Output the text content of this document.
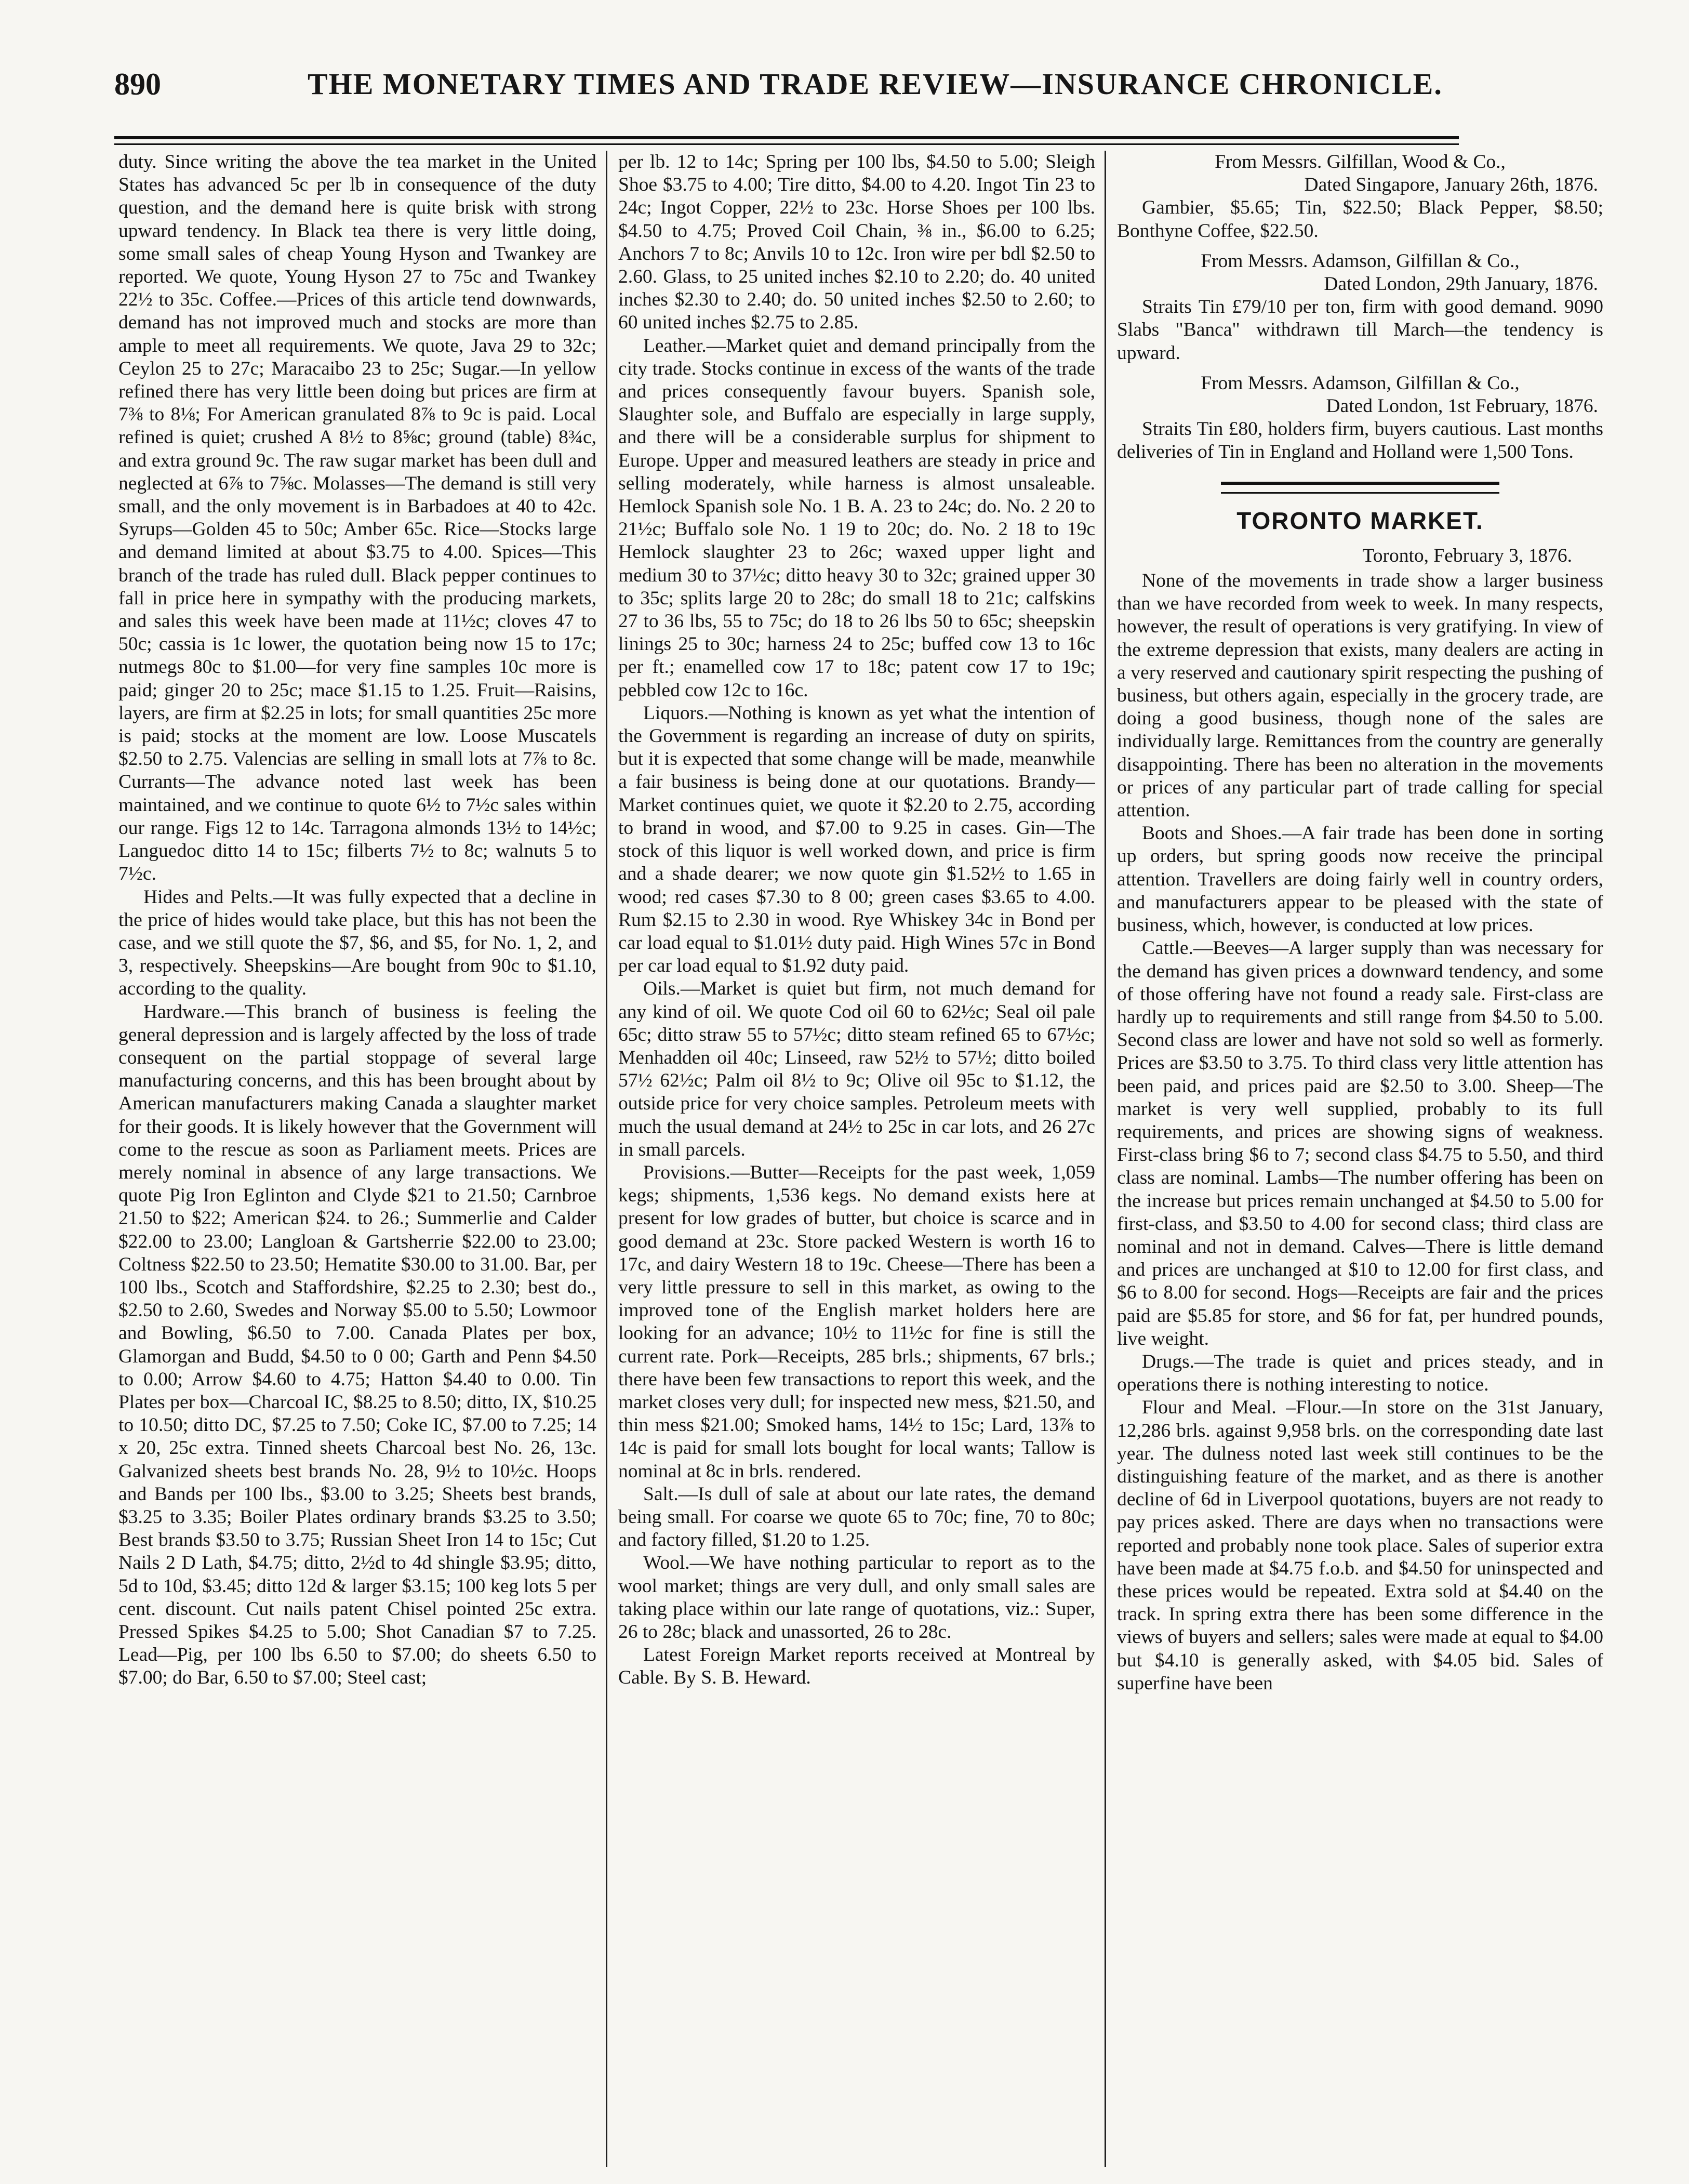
890	THE MONETARY TIMES AND TRADE REVIEW—INSURANCE CHRONICLE.

duty. Since writing the above the tea market in the United States has advanced 5c per lb in consequence of the duty question, and the demand here is quite brisk with strong upward tendency. In Black tea there is very little doing, some small sales of cheap Young Hyson and Twankey are reported. We quote, Young Hyson 27 to 75c and Twankey 22½ to 35c. Coffee.—Prices of this article tend downwards, demand has not improved much and stocks are more than ample to meet all requirements. We quote, Java 29 to 32c; Ceylon 25 to 27c; Maracaibo 23 to 25c; Sugar.—In yellow refined there has very little been doing but prices are firm at 7⅜ to 8⅛; For American granulated 8⅞ to 9c is paid. Local refined is quiet; crushed A 8½ to 8⅝c; ground (table) 8¾c, and extra ground 9c. The raw sugar market has been dull and neglected at 6⅞ to 7⅝c. Molasses—The demand is still very small, and the only movement is in Barbadoes at 40 to 42c. Syrups—Golden 45 to 50c; Amber 65c. Rice—Stocks large and demand limited at about $3.75 to 4.00. Spices—This branch of the trade has ruled dull. Black pepper continues to fall in price here in sympathy with the producing markets, and sales this week have been made at 11½c; cloves 47 to 50c; cassia is 1c lower, the quotation being now 15 to 17c; nutmegs 80c to $1.00—for very fine samples 10c more is paid; ginger 20 to 25c; mace $1.15 to 1.25. Fruit—Raisins, layers, are firm at $2.25 in lots; for small quantities 25c more is paid; stocks at the moment are low. Loose Muscatels $2.50 to 2.75. Valencias are selling in small lots at 7⅞ to 8c. Currants—The advance noted last week has been maintained, and we continue to quote 6½ to 7½c sales within our range. Figs 12 to 14c. Tarragona almonds 13½ to 14½c; Languedoc ditto 14 to 15c; filberts 7½ to 8c; walnuts 5 to 7½c.

Hides and Pelts.—It was fully expected that a decline in the price of hides would take place, but this has not been the case, and we still quote the $7, $6, and $5, for No. 1, 2, and 3, respectively. Sheepskins—Are bought from 90c to $1.10, according to the quality.

Hardware.—This branch of business is feeling the general depression and is largely affected by the loss of trade consequent on the partial stoppage of several large manufacturing concerns, and this has been brought about by American manufacturers making Canada a slaughter market for their goods. It is likely however that the Government will come to the rescue as soon as Parliament meets. Prices are merely nominal in absence of any large transactions. We quote Pig Iron Eglinton and Clyde $21 to 21.50; Carnbroe 21.50 to $22; American $24. to 26.; Summerlie and Calder $22.00 to 23.00; Langloan & Gartsherrie $22.00 to 23.00; Coltness $22.50 to 23.50; Hematite $30.00 to 31.00. Bar, per 100 lbs., Scotch and Staffordshire, $2.25 to 2.30; best do., $2.50 to 2.60, Swedes and Norway $5.00 to 5.50; Lowmoor and Bowling, $6.50 to 7.00. Canada Plates per box, Glamorgan and Budd, $4.50 to 0 00; Garth and Penn $4.50 to 0.00; Arrow $4.60 to 4.75; Hatton $4.40 to 0.00. Tin Plates per box—Charcoal IC, $8.25 to 8.50; ditto, IX, $10.25 to 10.50; ditto DC, $7.25 to 7.50; Coke IC, $7.00 to 7.25; 14 x 20, 25c extra. Tinned sheets Charcoal best No. 26, 13c. Galvanized sheets best brands No. 28, 9½ to 10½c. Hoops and Bands per 100 lbs., $3.00 to 3.25; Sheets best brands, $3.25 to 3.35; Boiler Plates ordinary brands $3.25 to 3.50; Best brands $3.50 to 3.75; Russian Sheet Iron 14 to 15c; Cut Nails 2 D Lath, $4.75; ditto, 2½d to 4d shingle $3.95; ditto, 5d to 10d, $3.45; ditto 12d & larger $3.15; 100 keg lots 5 per cent. discount. Cut nails patent Chisel pointed 25c extra. Pressed Spikes $4.25 to 5.00; Shot Canadian $7 to 7.25. Lead—Pig, per 100 lbs 6.50 to $7.00; do sheets 6.50 to $7.00; do Bar, 6.50 to $7.00; Steel cast;

per lb. 12 to 14c; Spring per 100 lbs, $4.50 to 5.00; Sleigh Shoe $3.75 to 4.00; Tire ditto, $4.00 to 4.20. Ingot Tin 23 to 24c; Ingot Copper, 22½ to 23c. Horse Shoes per 100 lbs. $4.50 to 4.75; Proved Coil Chain, ⅜ in., $6.00 to 6.25; Anchors 7 to 8c; Anvils 10 to 12c. Iron wire per bdl $2.50 to 2.60. Glass, to 25 united inches $2.10 to 2.20; do. 40 united inches $2.30 to 2.40; do. 50 united inches $2.50 to 2.60; to 60 united inches $2.75 to 2.85.

Leather.—Market quiet and demand principally from the city trade. Stocks continue in excess of the wants of the trade and prices consequently favour buyers. Spanish sole, Slaughter sole, and Buffalo are especially in large supply, and there will be a considerable surplus for shipment to Europe. Upper and measured leathers are steady in price and selling moderately, while harness is almost unsaleable. Hemlock Spanish sole No. 1 B. A. 23 to 24c; do. No. 2 20 to 21½c; Buffalo sole No. 1 19 to 20c; do. No. 2 18 to 19c Hemlock slaughter 23 to 26c; waxed upper light and medium 30 to 37½c; ditto heavy 30 to 32c; grained upper 30 to 35c; splits large 20 to 28c; do small 18 to 21c; calfskins 27 to 36 lbs, 55 to 75c; do 18 to 26 lbs 50 to 65c; sheepskin linings 25 to 30c; harness 24 to 25c; buffed cow 13 to 16c per ft.; enamelled cow 17 to 18c; patent cow 17 to 19c; pebbled cow 12c to 16c.

Liquors.—Nothing is known as yet what the intention of the Government is regarding an increase of duty on spirits, but it is expected that some change will be made, meanwhile a fair business is being done at our quotations. Brandy—Market continues quiet, we quote it $2.20 to 2.75, according to brand in wood, and $7.00 to 9.25 in cases. Gin—The stock of this liquor is well worked down, and price is firm and a shade dearer; we now quote gin $1.52½ to 1.65 in wood; red cases $7.30 to 8 00; green cases $3.65 to 4.00. Rum $2.15 to 2.30 in wood. Rye Whiskey 34c in Bond per car load equal to $1.01½ duty paid. High Wines 57c in Bond per car load equal to $1.92 duty paid.

Oils.—Market is quiet but firm, not much demand for any kind of oil. We quote Cod oil 60 to 62½c; Seal oil pale 65c; ditto straw 55 to 57½c; ditto steam refined 65 to 67½c; Menhadden oil 40c; Linseed, raw 52½ to 57½; ditto boiled 57½ 62½c; Palm oil 8½ to 9c; Olive oil 95c to $1.12, the outside price for very choice samples. Petroleum meets with much the usual demand at 24½ to 25c in car lots, and 26 27c in small parcels.

Provisions.—Butter—Receipts for the past week, 1,059 kegs; shipments, 1,536 kegs. No demand exists here at present for low grades of butter, but choice is scarce and in good demand at 23c. Store packed Western is worth 16 to 17c, and dairy Western 18 to 19c. Cheese—There has been a very little pressure to sell in this market, as owing to the improved tone of the English market holders here are looking for an advance; 10½ to 11½c for fine is still the current rate. Pork—Receipts, 285 brls.; shipments, 67 brls.; there have been few transactions to report this week, and the market closes very dull; for inspected new mess, $21.50, and thin mess $21.00; Smoked hams, 14½ to 15c; Lard, 13⅞ to 14c is paid for small lots bought for local wants; Tallow is nominal at 8c in brls. rendered.

Salt.—Is dull of sale at about our late rates, the demand being small. For coarse we quote 65 to 70c; fine, 70 to 80c; and factory filled, $1.20 to 1.25.

Wool.—We have nothing particular to report as to the wool market; things are very dull, and only small sales are taking place within our late range of quotations, viz.: Super, 26 to 28c; black and unassorted, 26 to 28c.

Latest Foreign Market reports received at Montreal by Cable. By S. B. Heward.

From Messrs. Gilfillan, Wood & Co.,

Dated Singapore, January 26th, 1876.

Gambier, $5.65; Tin, $22.50; Black Pepper, $8.50; Bonthyne Coffee, $22.50.

From Messrs. Adamson, Gilfillan & Co.,

Dated London, 29th January, 1876.

Straits Tin £79/10 per ton, firm with good demand. 9090 Slabs "Banca" withdrawn till March—the tendency is upward.

From Messrs. Adamson, Gilfillan & Co.,

Dated London, 1st February, 1876.

Straits Tin £80, holders firm, buyers cautious. Last months deliveries of Tin in England and Holland were 1,500 Tons.

TORONTO MARKET.

Toronto, February 3, 1876.

None of the movements in trade show a larger business than we have recorded from week to week. In many respects, however, the result of operations is very gratifying. In view of the extreme depression that exists, many dealers are acting in a very reserved and cautionary spirit respecting the pushing of business, but others again, especially in the grocery trade, are doing a good business, though none of the sales are individually large. Remittances from the country are generally disappointing. There has been no alteration in the movements or prices of any particular part of trade calling for special attention.

Boots and Shoes.—A fair trade has been done in sorting up orders, but spring goods now receive the principal attention. Travellers are doing fairly well in country orders, and manufacturers appear to be pleased with the state of business, which, however, is conducted at low prices.

Cattle.—Beeves—A larger supply than was necessary for the demand has given prices a downward tendency, and some of those offering have not found a ready sale. First-class are hardly up to requirements and still range from $4.50 to 5.00. Second class are lower and have not sold so well as formerly. Prices are $3.50 to 3.75. To third class very little attention has been paid, and prices paid are $2.50 to 3.00. Sheep—The market is very well supplied, probably to its full requirements, and prices are showing signs of weakness. First-class bring $6 to 7; second class $4.75 to 5.50, and third class are nominal. Lambs—The number offering has been on the increase but prices remain unchanged at $4.50 to 5.00 for first-class, and $3.50 to 4.00 for second class; third class are nominal and not in demand. Calves—There is little demand and prices are unchanged at $10 to 12.00 for first class, and $6 to 8.00 for second. Hogs—Receipts are fair and the prices paid are $5.85 for store, and $6 for fat, per hundred pounds, live weight.

Drugs.—The trade is quiet and prices steady, and in operations there is nothing interesting to notice.

Flour and Meal. –Flour.—In store on the 31st January, 12,286 brls. against 9,958 brls. on the corresponding date last year. The dulness noted last week still continues to be the distinguishing feature of the market, and as there is another decline of 6d in Liverpool quotations, buyers are not ready to pay prices asked. There are days when no transactions were reported and probably none took place. Sales of superior extra have been made at $4.75 f.o.b. and $4.50 for uninspected and these prices would be repeated. Extra sold at $4.40 on the track. In spring extra there has been some difference in the views of buyers and sellers; sales were made at equal to $4.00 but $4.10 is generally asked, with $4.05 bid. Sales of superfine have been
